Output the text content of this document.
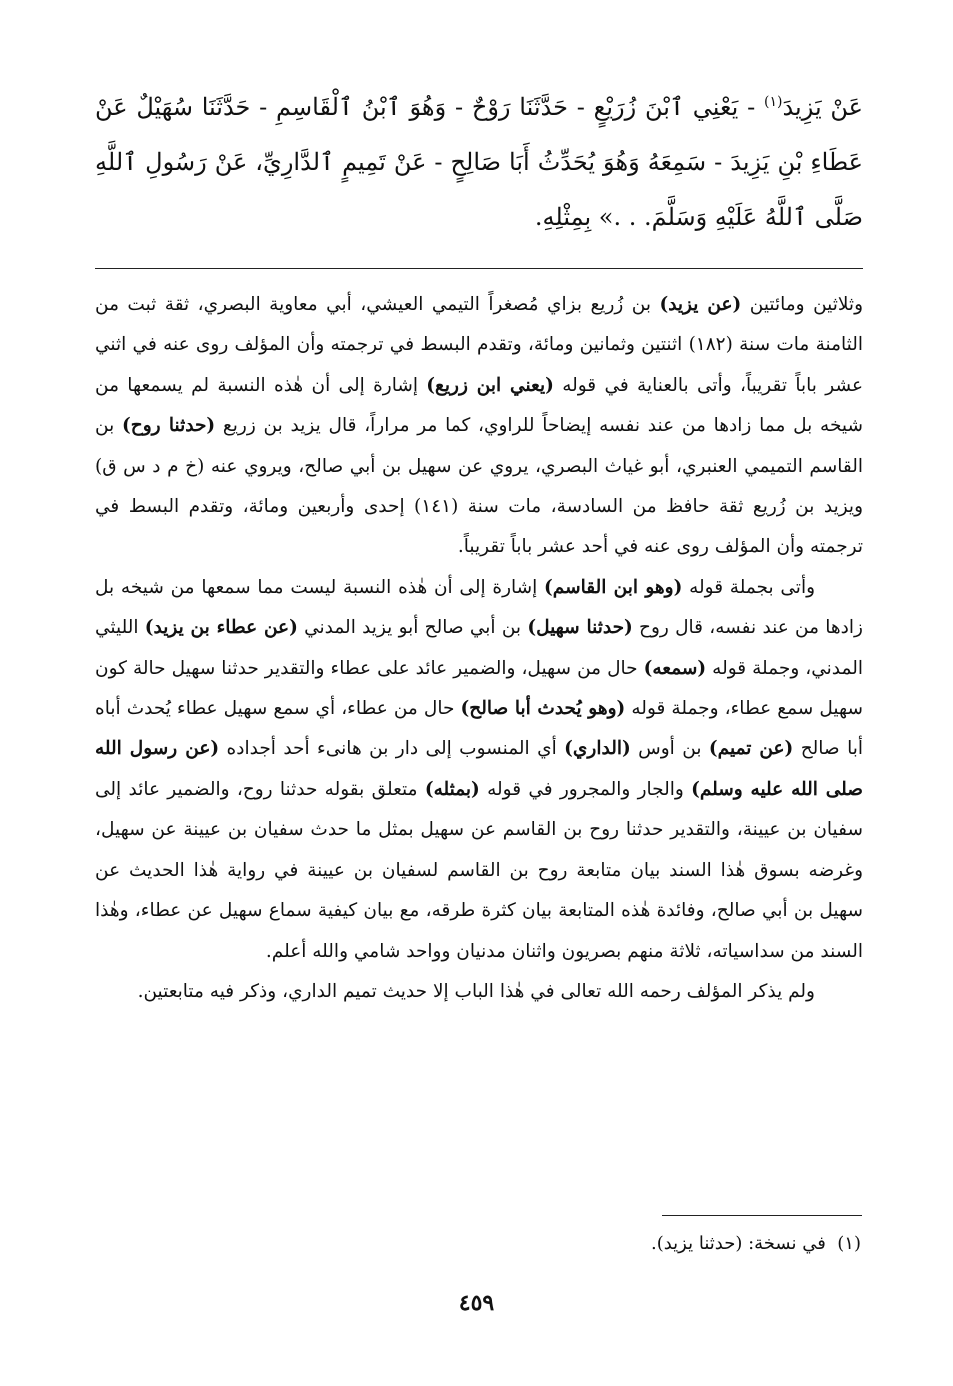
عَنْ يَزِيدَ$^{(١)}$ - يَعْنِي ٱبْنَ زُرَيْعٍ - حَدَّثَنَا رَوْحٌ - وَهُوَ ٱبْنُ ٱلْقَاسِمِ - حَدَّثَنَا سُهَيْلٌ عَنْ عَطَاءِ بْنِ يَزِيدَ - سَمِعَهُ وَهُوَ يُحَدِّثُ أَبَا صَالِحٍ - عَنْ تَمِيمٍ ٱلدَّارِيِّ، عَنْ رَسُولِ ٱللَّهِ صَلَّى ٱللَّهُ عَلَيْهِ وَسَلَّمَ. . .» بِمِثْلِهِ.

وثلاثين ومائتين (عن يزيد) بن زُريع بزاي مُصغراً التيمي العيشي، أبي معاوية البصري، ثقة ثبت من الثامنة مات سنة (١٨٢) اثنتين وثمانين ومائة، وتقدم البسط في ترجمته وأن المؤلف روى عنه في اثني عشر باباً تقريباً، وأتى بالعناية في قوله (يعني ابن زريع) إشارة إلى أن هٰذه النسبة لم يسمعها من شيخه بل مما زادها من عند نفسه إيضاحاً للراوي، كما مر مراراً، قال يزيد بن زريع (حدثنا روح) بن القاسم التميمي العنبري، أبو غياث البصري، يروي عن سهيل بن أبي صالح، ويروي عنه (خ م د س ق) ويزيد بن زُريع ثقة حافظ من السادسة، مات سنة (١٤١) إحدى وأربعين ومائة، وتقدم البسط في ترجمته وأن المؤلف روى عنه في أحد عشر باباً تقريباً.

وأتى بجملة قوله (وهو ابن القاسم) إشارة إلى أن هٰذه النسبة ليست مما سمعها من شيخه بل زادها من عند نفسه، قال روح (حدثنا سهيل) بن أبي صالح أبو يزيد المدني (عن عطاء بن يزيد) الليثي المدني، وجملة قوله (سمعه) حال من سهيل، والضمير عائد على عطاء والتقدير حدثنا سهيل حالة كون سهيل سمع عطاء، وجملة قوله (وهو يُحدث أبا صالح) حال من عطاء، أي سمع سهيل عطاء يُحدث أباه أبا صالح (عن تميم) بن أوس (الداري) أي المنسوب إلى دار بن هانىء أحد أجداده (عن رسول الله صلى الله عليه وسلم) والجار والمجرور في قوله (بمثله) متعلق بقوله حدثنا روح، والضمير عائد إلى سفيان بن عيينة، والتقدير حدثنا روح بن القاسم عن سهيل بمثل ما حدث سفيان بن عيينة عن سهيل، وغرضه بسوق هٰذا السند بيان متابعة روح بن القاسم لسفيان بن عيينة في رواية هٰذا الحديث عن سهيل بن أبي صالح، وفائدة هٰذه المتابعة بيان كثرة طرقه، مع بيان كيفية سماع سهيل عن عطاء، وهٰذا السند من سداسياته، ثلاثة منهم بصريون واثنان مدنيان وواحد شامي والله أعلم.

ولم يذكر المؤلف رحمه الله تعالى في هٰذا الباب إلا حديث تميم الداري، وذكر فيه متابعتين.

(١)  في نسخة: (حدثنا يزيد).
٤٥٩
